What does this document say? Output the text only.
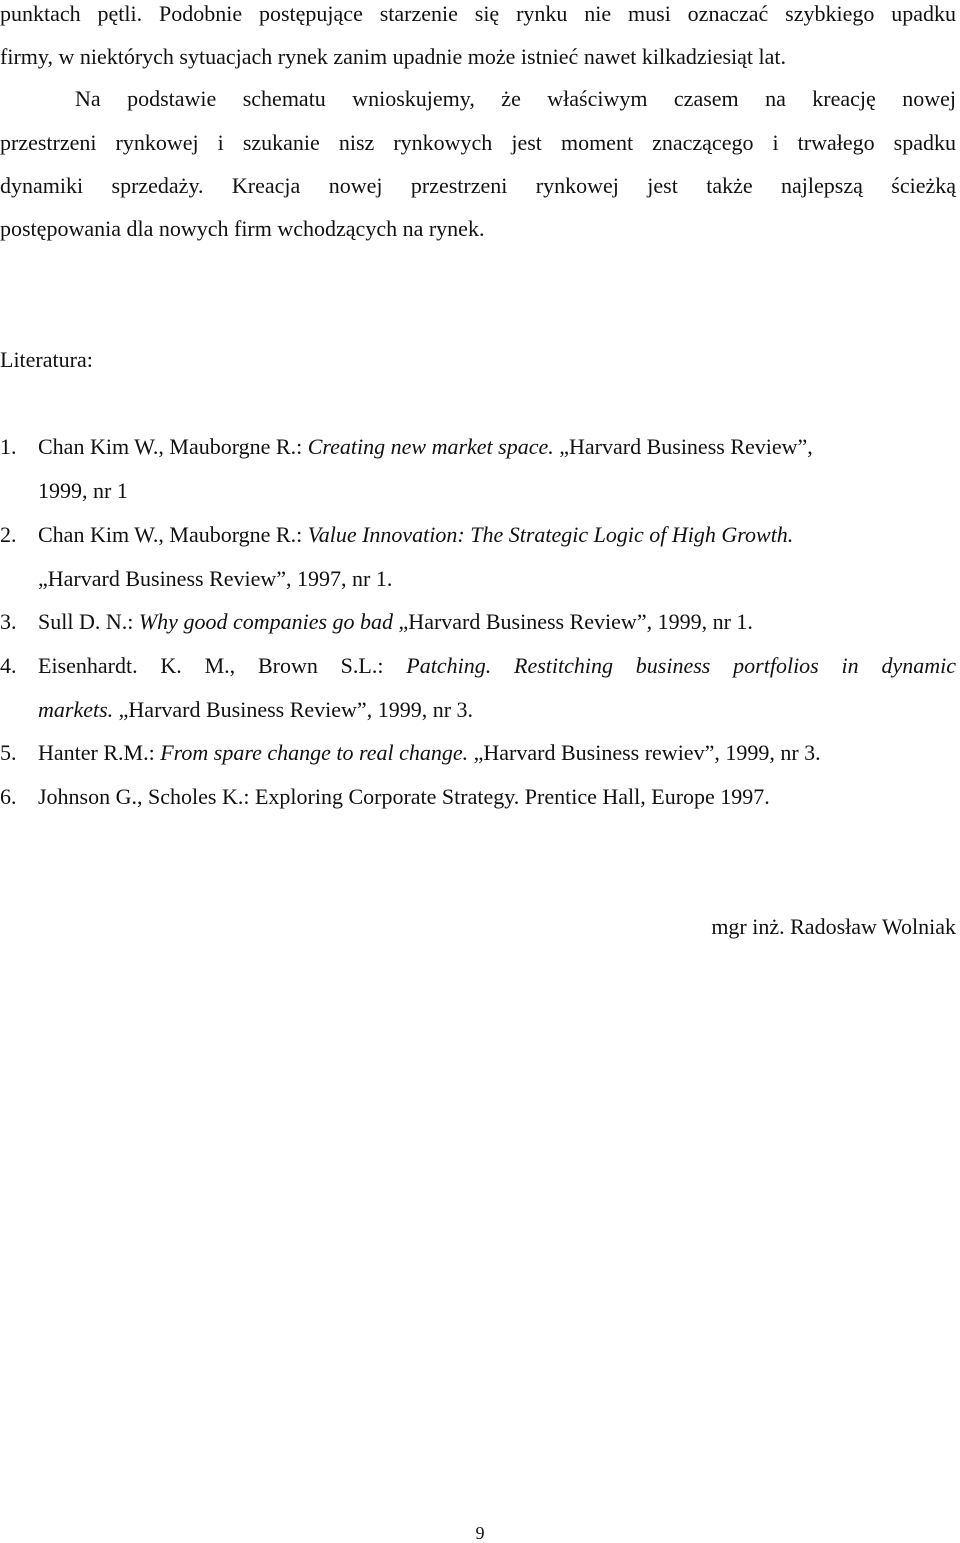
punktach pętli. Podobnie postępujące starzenie się rynku nie musi oznaczać szybkiego upadku
firmy, w niektórych sytuacjach rynek zanim upadnie może istnieć nawet kilkadziesiąt lat.
Na podstawie schematu wnioskujemy, że właściwym czasem na kreację nowej
przestrzeni rynkowej i szukanie nisz rynkowych jest moment znaczącego i trwałego spadku
dynamiki sprzedaży. Kreacja nowej przestrzeni rynkowej jest także najlepszą ścieżką
postępowania dla nowych firm wchodzących na rynek.
Literatura:
1. Chan Kim W., Mauborgne R.: Creating new market space. „Harvard Business Review”,
1999, nr 1
2. Chan Kim W., Mauborgne R.: Value Innovation: The Strategic Logic of High Growth.
„Harvard Business Review”, 1997, nr 1.
3. Sull D. N.: Why good companies go bad „Harvard Business Review”, 1999, nr 1.
4. Eisenhardt. K. M., Brown S.L.: Patching. Restitching business portfolios in dynamic
markets. „Harvard Business Review”, 1999, nr 3.
5. Hanter R.M.: From spare change to real change. „Harvard Business rewiev”, 1999, nr 3.
6. Johnson G., Scholes K.: Exploring Corporate Strategy. Prentice Hall, Europe 1997.
mgr inż. Radosław Wolniak
9
